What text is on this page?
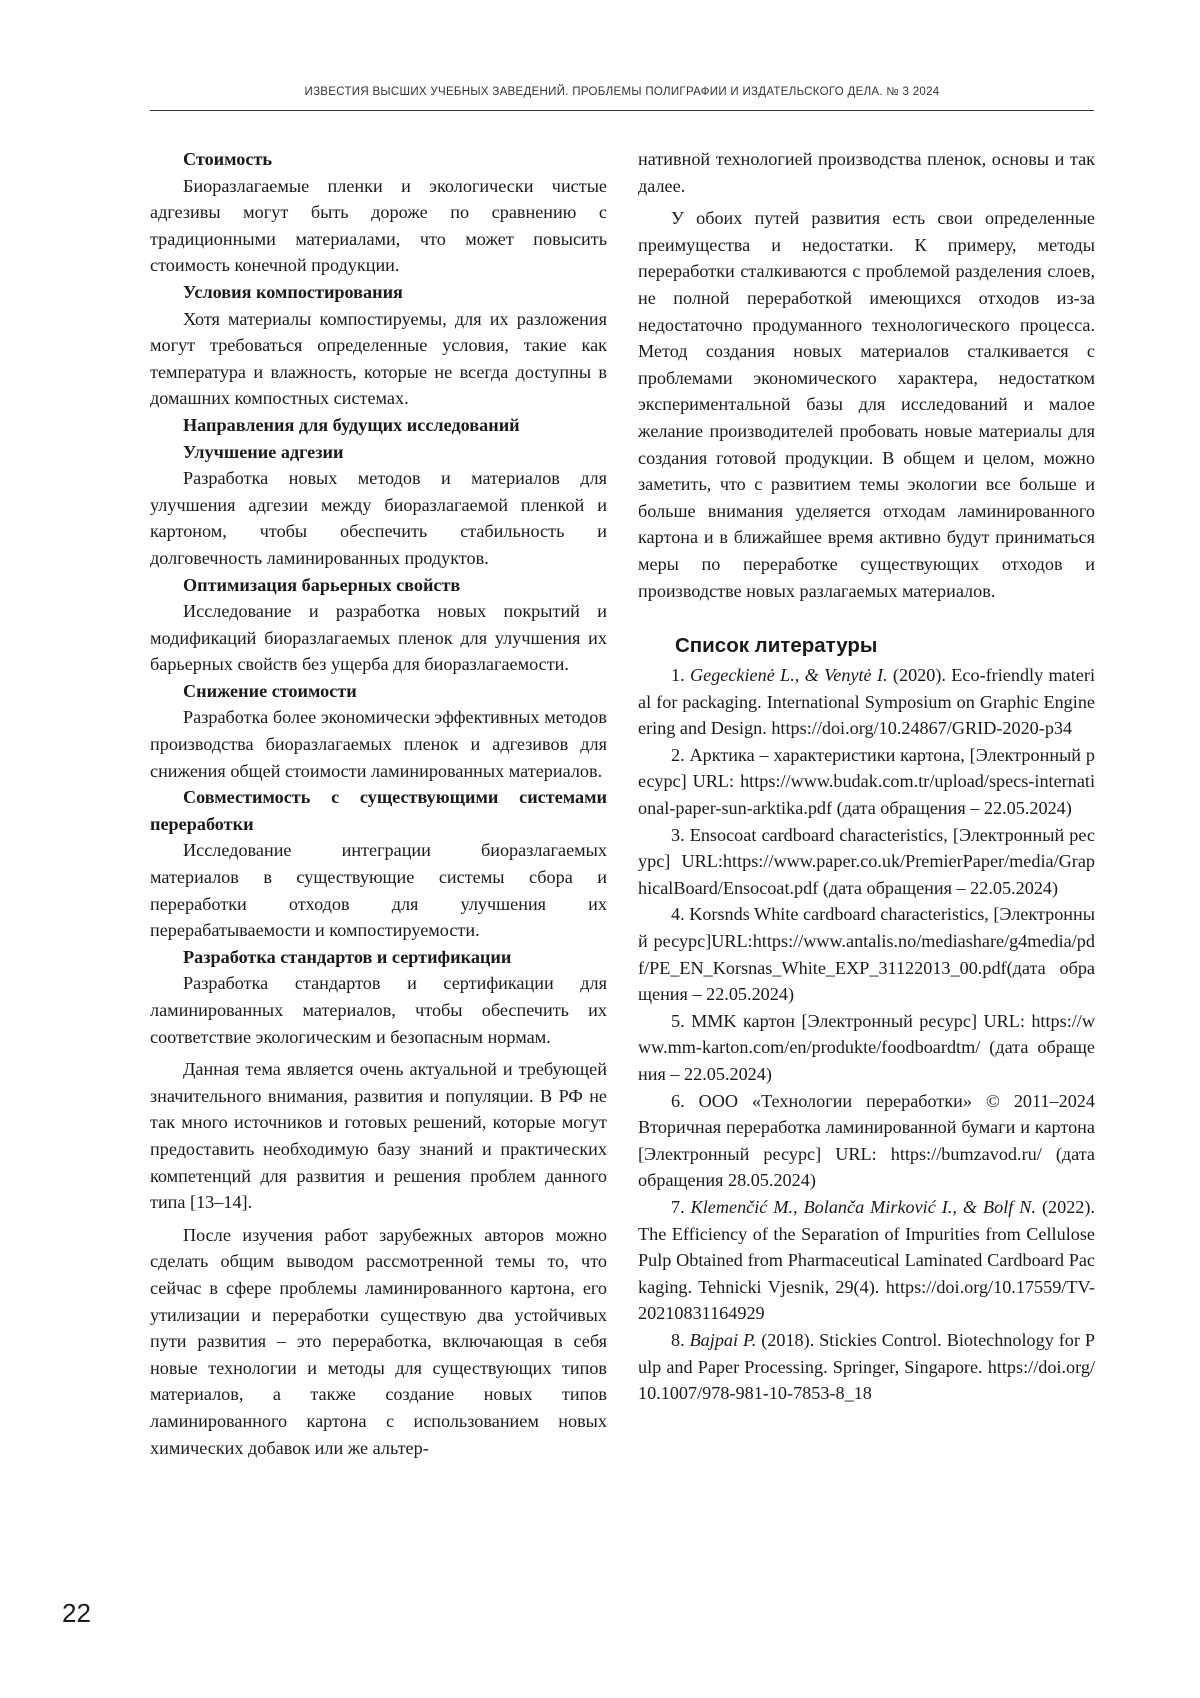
ИЗВЕСТИЯ ВЫСШИХ УЧЕБНЫХ ЗАВЕДЕНИЙ. ПРОБЛЕМЫ ПОЛИГРАФИИ И ИЗДАТЕЛЬСКОГО ДЕЛА. № 3 2024
Стоимость

Биоразлагаемые пленки и экологически чистые адгезивы могут быть дороже по сравнению с традиционными материалами, что может повысить стоимость конечной продукции.

Условия компостирования

Хотя материалы компостируемы, для их разложения могут требоваться определенные условия, такие как температура и влажность, которые не всегда доступны в домашних компостных системах.

Направления для будущих исследований
Улучшение адгезии

Разработка новых методов и материалов для улучшения адгезии между биоразлагаемой пленкой и картоном, чтобы обеспечить стабильность и долговечность ламинированных продуктов.

Оптимизация барьерных свойств

Исследование и разработка новых покрытий и модификаций биоразлагаемых пленок для улучшения их барьерных свойств без ущерба для биоразлагаемости.

Снижение стоимости

Разработка более экономически эффективных методов производства биоразлагаемых пленок и адгезивов для снижения общей стоимости ламинированных материалов.

Совместимость с существующими системами переработки

Исследование интеграции биоразлагаемых материалов в существующие системы сбора и переработки отходов для улучшения их перерабатываемости и компостируемости.

Разработка стандартов и сертификации

Разработка стандартов и сертификации для ламинированных материалов, чтобы обеспечить их соответствие экологическим и безопасным нормам.

Данная тема является очень актуальной и требующей значительного внимания, развития и популяции. В РФ не так много источников и готовых решений, которые могут предоставить необходимую базу знаний и практических компетенций для развития и решения проблем данного типа [13–14].

После изучения работ зарубежных авторов можно сделать общим выводом рассмотренной темы то, что сейчас в сфере проблемы ламинированного картона, его утилизации и переработки существую два устойчивых пути развития – это переработка, включающая в себя новые технологии и методы для существующих типов материалов, а также создание новых типов ламинированного картона с использованием новых химических добавок или же альтер-

нативной технологией производства пленок, основы и так далее.

У обоих путей развития есть свои определенные преимущества и недостатки. К примеру, методы переработки сталкиваются с проблемой разделения слоев, не полной переработкой имеющихся отходов из-за недостаточно продуманного технологического процесса. Метод создания новых материалов сталкивается с проблемами экономического характера, недостатком экспериментальной базы для исследований и малое желание производителей пробовать новые материалы для создания готовой продукции. В общем и целом, можно заметить, что с развитием темы экологии все больше и больше внимания уделяется отходам ламинированного картона и в ближайшее время активно будут приниматься меры по переработке существующих отходов и производстве новых разлагаемых материалов.

Список литературы

1. Gegeckienė L., & Venytė I. (2020). Eco-friendly material for packaging. International Symposium on Graphic Engineering and Design. https://doi.org/10.24867/GRID-2020-p34

2. Арктика – характеристики картона, [Электронный ресурс] URL: https://www.budak.com.tr/upload/specs-international-paper-sun-arktika.pdf (дата обращения – 22.05.2024)

3. Ensocoat cardboard characteristics, [Электронный ресурс] URL:https://www.paper.co.uk/PremierPaper/media/GraphicalBoard/Ensocoat.pdf (дата обращения – 22.05.2024)

4. Korsnds White cardboard characteristics, [Электронный ресурс]URL:https://www.antalis.no/mediashare/g4media/pdf/PE_EN_Korsnas_White_EXP_31122013_00.pdf(дата обращения – 22.05.2024)

5. MMK картон [Электронный ресурс] URL: https://www.mm-karton.com/en/produkte/foodboardtm/ (дата обращения – 22.05.2024)

6. ООО «Технологии переработки» © 2011–2024 Вторичная переработка ламинированной бумаги и картона [Электронный ресурс] URL: https://bumzavod.ru/ (дата обращения 28.05.2024)

7. Klemenčić M., Bolanča Mirković I., & Bolf N. (2022). The Efficiency of the Separation of Impurities from Cellulose Pulp Obtained from Pharmaceutical Laminated Cardboard Packaging. Tehnicki Vjesnik, 29(4). https://doi.org/10.17559/TV-20210831164929

8. Bajpai P. (2018). Stickies Control. Biotechnology for Pulp and Paper Processing. Springer, Singapore. https://doi.org/10.1007/978-981-10-7853-8_18

22
